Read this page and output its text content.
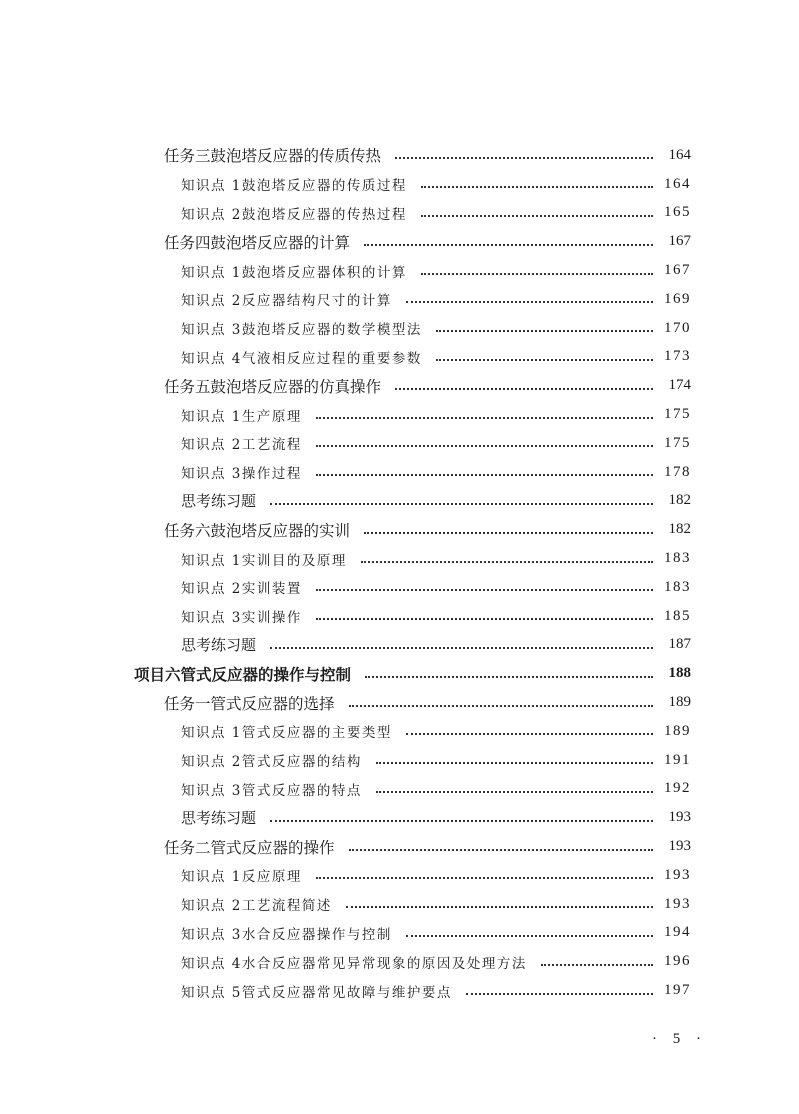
任务三鼓泡塔反应器的传质传热	164
知识点 1鼓泡塔反应器的传质过程	164
知识点 2鼓泡塔反应器的传热过程	165
任务四鼓泡塔反应器的计算	167
知识点 1鼓泡塔反应器体积的计算	167
知识点 2反应器结构尺寸的计算	169
知识点 3鼓泡塔反应器的数学模型法	170
知识点 4气液相反应过程的重要参数	173
任务五鼓泡塔反应器的仿真操作	174
知识点 1生产原理	175
知识点 2工艺流程	175
知识点 3操作过程	178
思考练习题	182
任务六鼓泡塔反应器的实训	182
知识点 1实训目的及原理	183
知识点 2实训装置	183
知识点 3实训操作	185
思考练习题	187
项目六管式反应器的操作与控制	188
任务一管式反应器的选择	189
知识点 1管式反应器的主要类型	189
知识点 2管式反应器的结构	191
知识点 3管式反应器的特点	192
思考练习题	193
任务二管式反应器的操作	193
知识点 1反应原理	193
知识点 2工艺流程简述	193
知识点 3水合反应器操作与控制	194
知识点 4水合反应器常见异常现象的原因及处理方法	196
知识点 5管式反应器常见故障与维护要点	197
· 5 ·
